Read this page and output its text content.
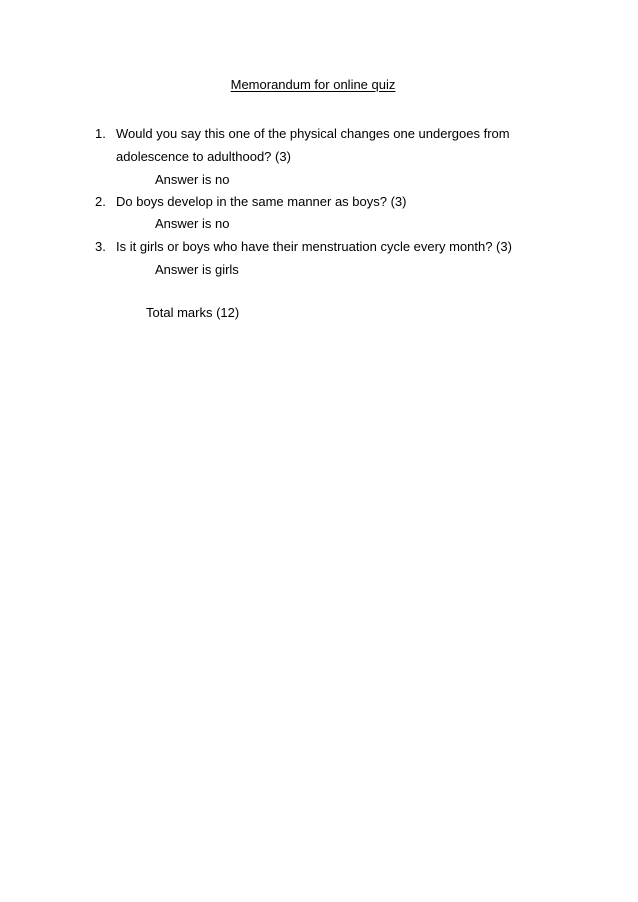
Memorandum for online quiz
1. Would you say this one of the physical changes one undergoes from
adolescence to adulthood? (3)
Answer is no
2. Do boys develop in the same manner as boys? (3)
Answer is no
3. Is it girls or boys who have their menstruation cycle every month? (3)
Answer is girls
Total marks (12)
